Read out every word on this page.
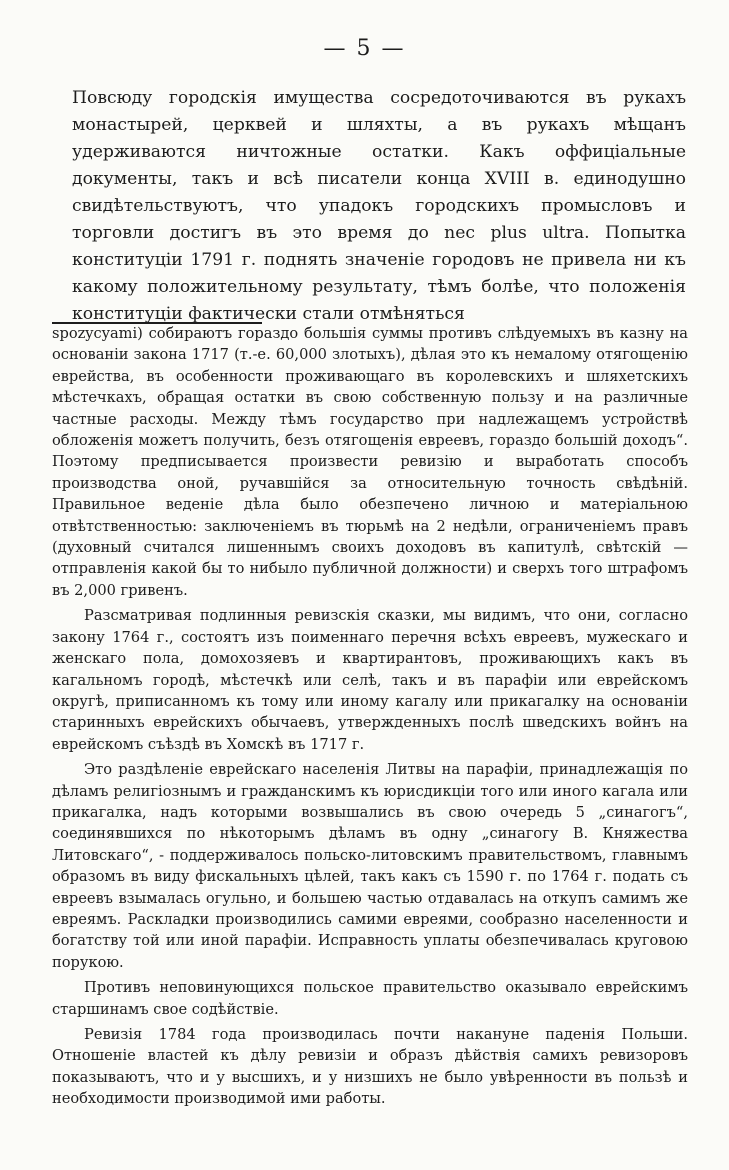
— 5 —

Повсюду городскія имущества сосредоточиваются въ рукахъ монастырей, церквей и шляхты, а въ рукахъ мѣщанъ удерживаются ничтожные остатки. Какъ оффиціальные документы, такъ и всѣ писатели конца XVIII в. единодушно свидѣтельствуютъ, что упадокъ городскихъ промысловъ и торговли достигъ въ это время до nec plus ultra. Попытка конституціи 1791 г. поднять значеніе городовъ не привела ни къ какому положительному результату, тѣмъ болѣе, что положенія конституціи фактически стали отмѣняться

spozycyami) собираютъ гораздо большія суммы противъ слѣдуемыхъ въ казну на основаніи закона 1717 (т.-е. 60,000 злотыхъ), дѣлая это къ немалому отягощенію еврейства, въ особенности проживающаго въ королевскихъ и шляхетскихъ мѣстечкахъ, обращая остатки въ свою собственную пользу и на различные частные расходы. Между тѣмъ государство при надлежащемъ устройствѣ обложенія можетъ получить, безъ отягощенія евреевъ, гораздо большій доходъ“. Поэтому предписывается произвести ревизію и выработать способъ производства оной, ручавшійся за относительную точность свѣдѣній. Правильное веденіе дѣла было обезпечено личною и матеріальною отвѣтственностью: заключеніемъ въ тюрьмѣ на 2 недѣли, ограниченіемъ правъ (духовный считался лишеннымъ своихъ доходовъ въ капитулѣ, свѣтскій — отправленія какой бы то нибыло публичной должности) и сверхъ того штрафомъ въ 2,000 гривенъ.

Разсматривая подлинныя ревизскія сказки, мы видимъ, что они, согласно закону 1764 г., состоятъ изъ поименнаго перечня всѣхъ евреевъ, мужескаго и женскаго пола, домохозяевъ и квартирантовъ, проживающихъ какъ въ кагальномъ городѣ, мѣстечкѣ или селѣ, такъ и въ парафіи или еврейскомъ округѣ, приписанномъ къ тому или иному кагалу или прикагалку на основаніи старинныхъ еврейскихъ обычаевъ, утвержденныхъ послѣ шведскихъ войнъ на еврейскомъ съѣздѣ въ Хомскѣ въ 1717 г.

Это раздѣленіе еврейскаго населенія Литвы на парафіи, принадлежащія по дѣламъ религіознымъ и гражданскимъ къ юрисдикціи того или иного кагала или прикагалка, надъ которыми возвышались въ свою очередь 5 „синагогъ“, соединявшихся по нѣкоторымъ дѣламъ въ одну „синагогу В. Княжества Литовскаго“, - поддерживалось польско-литовскимъ правительствомъ, главнымъ образомъ въ виду фискальныхъ цѣлей, такъ какъ съ 1590 г. по 1764 г. подать съ евреевъ взымалась огульно, и большею частью отдавалась на откупъ самимъ же евреямъ. Раскладки производились самими евреями, сообразно населенности и богатству той или иной парафіи. Исправность уплаты обезпечивалась круговою порукою.

Противъ неповинующихся польское правительство оказывало еврейскимъ старшинамъ свое содѣйствіе.

Ревизія 1784 года производилась почти накануне паденія Польши. Отношеніе властей къ дѣлу ревизіи и образъ дѣйствія самихъ ревизоровъ показываютъ, что и у высшихъ, и у низшихъ не было увѣренности въ пользѣ и необходимости производимой ими работы.
